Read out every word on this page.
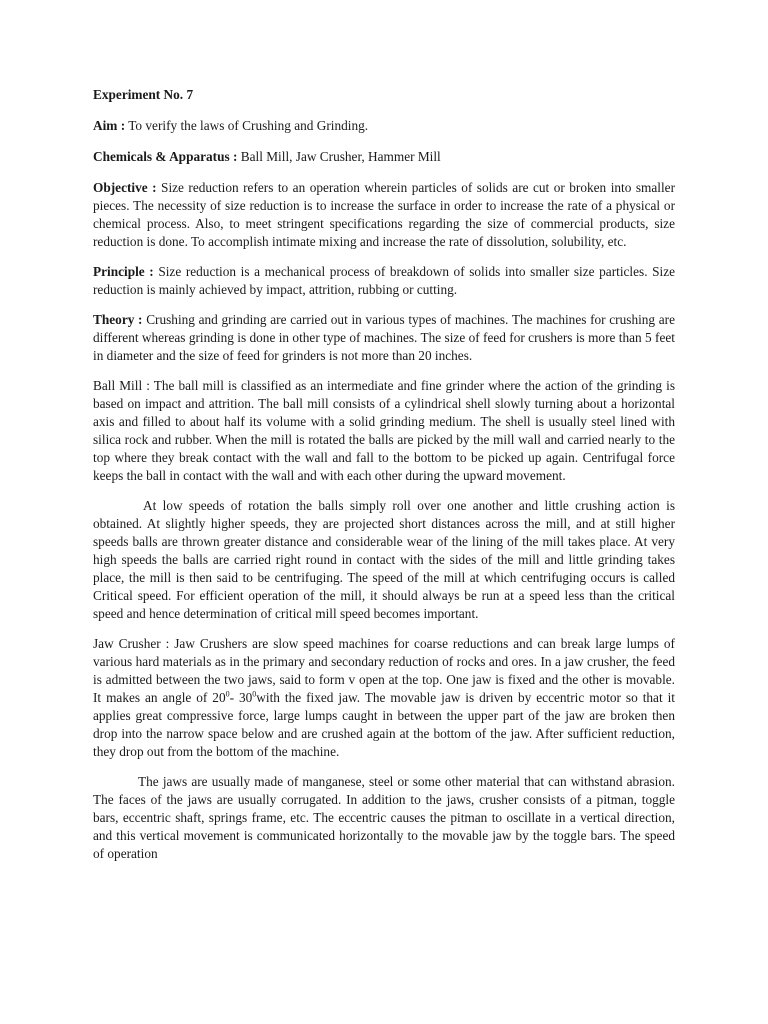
Experiment No. 7
Aim : To verify the laws of Crushing and Grinding.
Chemicals & Apparatus : Ball Mill, Jaw Crusher, Hammer Mill

Objective : Size reduction refers to an operation wherein particles of solids are cut or broken into smaller pieces. The necessity of size reduction is to increase the surface in order to increase the rate of a physical or chemical process. Also, to meet stringent specifications regarding the size of commercial products, size reduction is done. To accomplish intimate mixing and increase the rate of dissolution, solubility, etc.

Principle : Size reduction is a mechanical process of breakdown of solids into smaller size particles. Size reduction is mainly achieved by impact, attrition, rubbing or cutting.

Theory : Crushing and grinding are carried out in various types of machines. The machines for crushing are different whereas grinding is done in other type of machines. The size of feed for crushers is more than 5 feet in diameter and the size of feed for grinders is not more than 20 inches.

Ball Mill : The ball mill is classified as an intermediate and fine grinder where the action of the grinding is based on impact and attrition. The ball mill consists of a cylindrical shell slowly turning about a horizontal axis and filled to about half its volume with a solid grinding medium. The shell is usually steel lined with silica rock and rubber. When the mill is rotated the balls are picked by the mill wall and carried nearly to the top where they break contact with the wall and fall to the bottom to be picked up again. Centrifugal force keeps the ball in contact with the wall and with each other during the upward movement.

At low speeds of rotation the balls simply roll over one another and little crushing action is obtained. At slightly higher speeds, they are projected short distances across the mill, and at still higher speeds balls are thrown greater distance and considerable wear of the lining of the mill takes place. At very high speeds the balls are carried right round in contact with the sides of the mill and little grinding takes place, the mill is then said to be centrifuging. The speed of the mill at which centrifuging occurs is called Critical speed. For efficient operation of the mill, it should always be run at a speed less than the critical speed and hence determination of critical mill speed becomes important.

Jaw Crusher : Jaw Crushers are slow speed machines for coarse reductions and can break large lumps of various hard materials as in the primary and secondary reduction of rocks and ores. In a jaw crusher, the feed is admitted between the two jaws, said to form v open at the top. One jaw is fixed and the other is movable. It makes an angle of $20^0-$ $30^0with$ the fixed jaw. The movable jaw is driven by eccentric motor so that it applies great compressive force, large lumps caught in between the upper part of the jaw are broken then drop into the narrow space below and are crushed again at the bottom of the jaw. After sufficient reduction, they drop out from the bottom of the machine.

The jaws are usually made of manganese, steel or some other material that can withstand abrasion. The faces of the jaws are usually corrugated. In addition to the jaws, crusher consists of a pitman, toggle bars, eccentric shaft, springs frame, etc. The eccentric causes the pitman to oscillate in a vertical direction, and this vertical movement is communicated horizontally to the movable jaw by the toggle bars. The speed of operation
